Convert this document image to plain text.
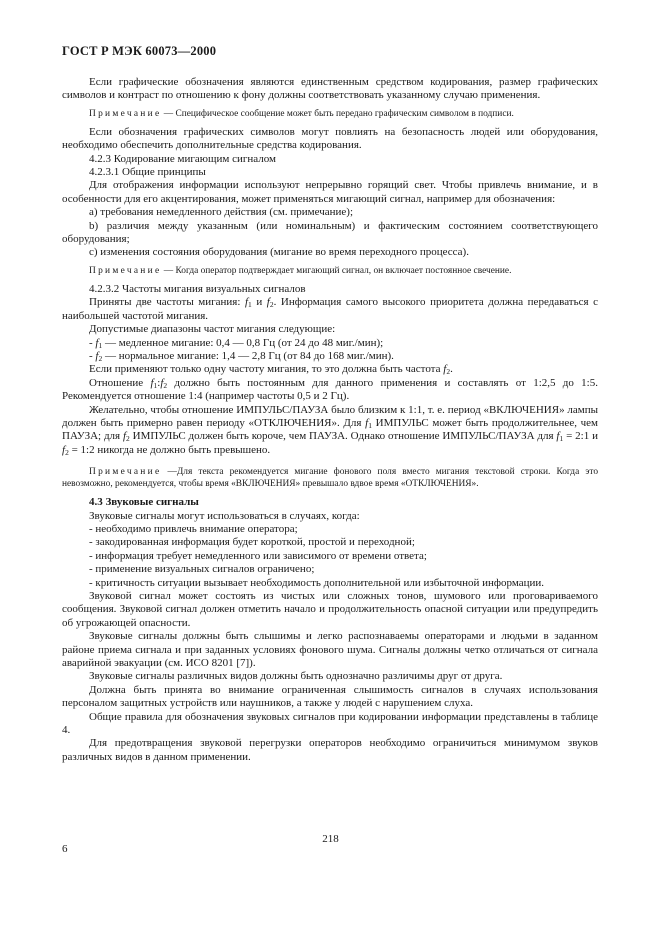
ГОСТ Р МЭК 60073—2000

Если графические обозначения являются единственным средством кодирования, размер графических символов и контраст по отношению к фону должны соответствовать указанному случаю применения.

Примечание — Специфическое сообщение может быть передано графическим символом в подписи.

Если обозначения графических символов могут повлиять на безопасность людей или оборудования, необходимо обеспечить дополнительные средства кодирования.

4.2.3 Кодирование мигающим сигналом

4.2.3.1 Общие принципы

Для отображения информации используют непрерывно горящий свет. Чтобы привлечь внимание, и в особенности для его акцентирования, может применяться мигающий сигнал, например для обозначения:

a) требования немедленного действия (см. примечание);

b) различия между указанным (или номинальным) и фактическим состоянием соответствующего оборудования;

c) изменения состояния оборудования (мигание во время переходного процесса).

Примечание — Когда оператор подтверждает мигающий сигнал, он включает постоянное свечение.

4.2.3.2 Частоты мигания визуальных сигналов

Приняты две частоты мигания: $f_1$ и $f_2$. Информация самого высокого приоритета должна передаваться с наибольшей частотой мигания.

Допустимые диапазоны частот мигания следующие:

- $f_1$ — медленное мигание: 0,4 — 0,8 Гц (от 24 до 48 миг./мин);

- $f_2$ — нормальное мигание: 1,4 — 2,8 Гц (от 84 до 168 миг./мин).

Если применяют только одну частоту мигания, то это должна быть частота $f_2$.

Отношение $f_1:f_2$ должно быть постоянным для данного применения и составлять от 1:2,5 до 1:5. Рекомендуется отношение 1:4 (например частоты 0,5 и 2 Гц).

Желательно, чтобы отношение ИМПУЛЬС/ПАУЗА было близким к 1:1, т. е. период «ВКЛЮЧЕНИЯ» лампы должен быть примерно равен периоду «ОТКЛЮЧЕНИЯ». Для $f_1$ ИМПУЛЬС может быть продолжительнее, чем ПАУЗА; для $f_2$ ИМПУЛЬС должен быть короче, чем ПАУЗА. Однако отношение ИМПУЛЬС/ПАУЗА для $f_1$ = 2:1 и $f_2$ = 1:2 никогда не должно быть превышено.

Примечание —Для текста рекомендуется мигание фонового поля вместо мигания текстовой строки. Когда это невозможно, рекомендуется, чтобы время «ВКЛЮЧЕНИЯ» превышало вдвое время «ОТКЛЮЧЕНИЯ».

4.3 Звуковые сигналы

Звуковые сигналы могут использоваться в случаях, когда:

- необходимо привлечь внимание оператора;

- закодированная информация будет короткой, простой и переходной;

- информация требует немедленного или зависимого от времени ответа;

- применение визуальных сигналов ограничено;

- критичность ситуации вызывает необходимость дополнительной или избыточной информации.

Звуковой сигнал может состоять из чистых или сложных тонов, шумового или проговариваемого сообщения. Звуковой сигнал должен отметить начало и продолжительность опасной ситуации или предупредить об угрожающей опасности.

Звуковые сигналы должны быть слышимы и легко распознаваемы операторами и людьми в заданном районе приема сигнала и при заданных условиях фонового шума. Сигналы должны четко отличаться от сигнала аварийной эвакуации (см. ИСО 8201 [7]).

Звуковые сигналы различных видов должны быть однозначно различимы друг от друга.

Должна быть принята во внимание ограниченная слышимость сигналов в случаях использования персоналом защитных устройств или наушников, а также у людей с нарушением слуха.

Общие правила для обозначения звуковых сигналов при кодировании информации представлены в таблице 4.

Для предотвращения звуковой перегрузки операторов необходимо ограничиться минимумом звуков различных видов в данном применении.

218
6
